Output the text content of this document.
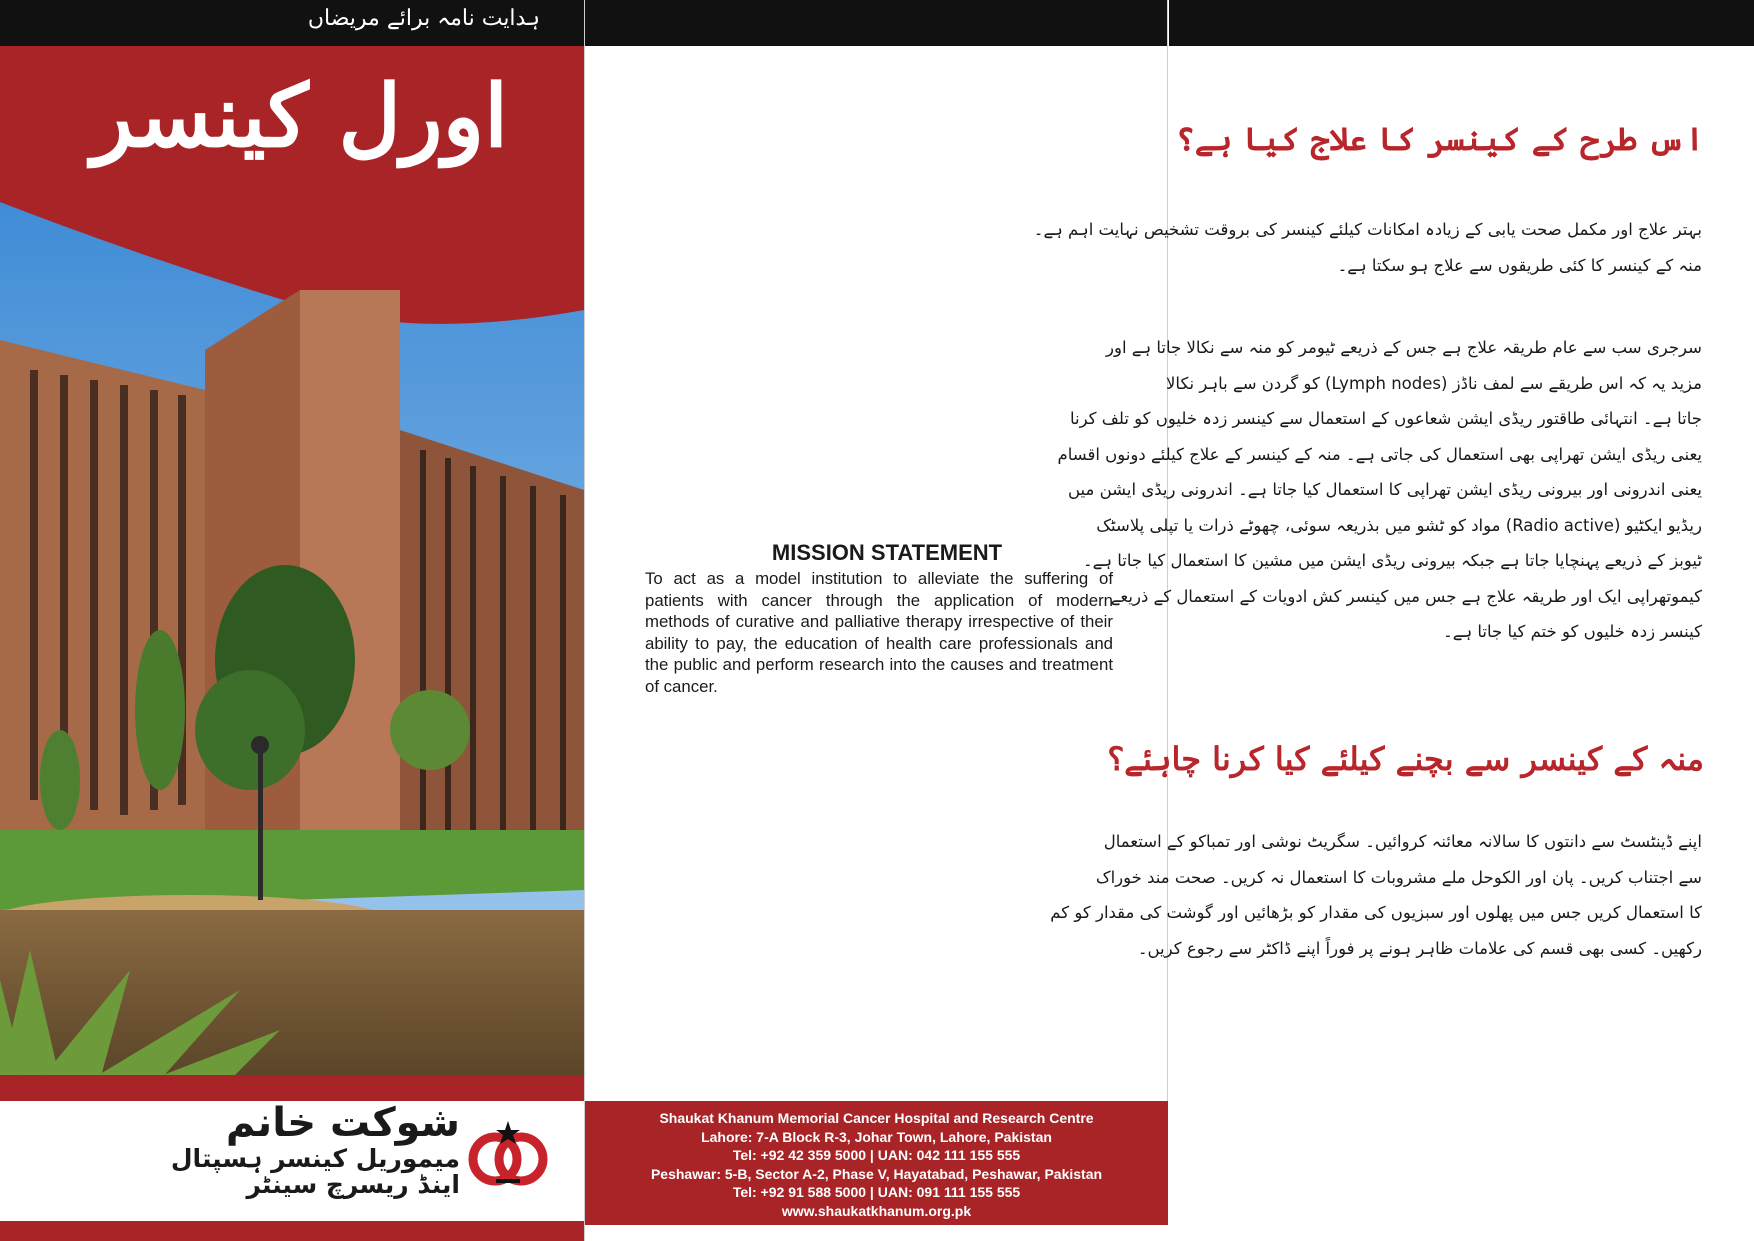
ہدایت نامہ برائے مریضاں
اورل کینسر
شوکت خانم
میموریل کینسر ہسپتال
اینڈ ریسرچ سینٹر
MISSION STATEMENT
To act as a model institution to alleviate the suffering of patients with cancer through the application of modern methods of curative and palliative therapy irrespective of their ability to pay, the education of health care professionals and the public and perform research into the causes and treatment of cancer.
Shaukat Khanum Memorial Cancer Hospital and Research Centre
Lahore: 7-A Block R-3, Johar Town, Lahore, Pakistan
Tel: +92 42 359 5000 | UAN: 042 111 155 555
Peshawar: 5-B, Sector A-2, Phase V, Hayatabad, Peshawar, Pakistan
Tel: +92 91 588 5000 | UAN: 091 111 155 555
www.shaukatkhanum.org.pk
اس طرح کے کینسر کا علاج کیا ہے؟
بہتر علاج اور مکمل صحت یابی کے زیادہ امکانات کیلئے کینسر کی بروقت تشخیص نہایت اہم ہے۔
منہ کے کینسر کا کئی طریقوں سے علاج ہو سکتا ہے۔
سرجری سب سے عام طریقہ علاج ہے جس کے ذریعے ٹیومر کو منہ سے نکالا جاتا ہے اور
مزید یہ کہ اس طریقے سے لمف ناڈز (Lymph nodes) کو گردن سے باہر نکالا
جاتا ہے۔ انتہائی طاقتور ریڈی ایشن شعاعوں کے استعمال سے کینسر زدہ خلیوں کو تلف کرنا
یعنی ریڈی ایشن تھراپی بھی استعمال کی جاتی ہے۔ منہ کے کینسر کے علاج کیلئے دونوں اقسام
یعنی اندرونی اور بیرونی ریڈی ایشن تھراپی کا استعمال کیا جاتا ہے۔ اندرونی ریڈی ایشن میں
ریڈیو ایکٹیو (Radio active) مواد کو ٹشو میں بذریعہ سوئی، چھوٹے ذرات یا تپلی پلاسٹک
ٹیوبز کے ذریعے پہنچایا جاتا ہے جبکہ بیرونی ریڈی ایشن میں مشین کا استعمال کیا جاتا ہے۔
کیموتھراپی ایک اور طریقہ علاج ہے جس میں کینسر کش ادویات کے استعمال کے ذریعے
کینسر زدہ خلیوں کو ختم کیا جاتا ہے۔
منہ کے کینسر سے بچنے کیلئے کیا کرنا چاہئے؟
اپنے ڈینٹسٹ سے دانتوں کا سالانہ معائنہ کروائیں۔ سگریٹ نوشی اور تمباکو کے استعمال
سے اجتناب کریں۔ پان اور الکوحل ملے مشروبات کا استعمال نہ کریں۔ صحت مند خوراک
کا استعمال کریں جس میں پھلوں اور سبزیوں کی مقدار کو بڑھائیں اور گوشت کی مقدار کو کم
رکھیں۔ کسی بھی قسم کی علامات ظاہر ہونے پر فوراً اپنے ڈاکٹر سے رجوع کریں۔
